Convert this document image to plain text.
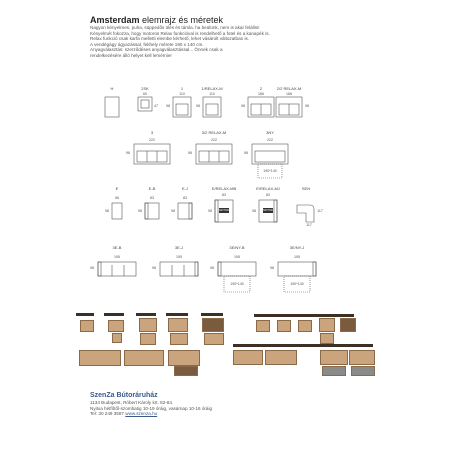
Amsterdam elemrajz és méretek
Nagyon kényelmes, puha, süppedős ülés és támla, ha beülünk, nem is akar felállni!
Kényelmét fokozza, hogy motoros Relax funkcióval is rendelhető a fotel és a kanapék is.
Relax funkció csak karfa melletti elembe kérhető, lehet vásárolt változatban is.
A vendégágy ágyazással, fekhely mérete 190 x 140 cm.
Anyagválasztás: szerződéses anyagválasztással... Önnek csak a
rendelkezésére álló helyet kell lemérnie!
H	2SK	1	1/RELAX-M	2	2/2 RELAX-M
60	110	110	166	166
47 98	98	98	98
3	3/2 RELAX-M	3NY
222	222	222
98	98	98
190*140
E	E-B	E-J	E/RELAX-MB	E/RELAX-MJ	SEN
56	83	83
83	83
98	98	98	98	98	117
117
MOTOR	MOTOR
3E-B	3E-J	3E/NY-B	3E/NY-J
195	195	195	195
98	98	98	98
190*140	190*140
SzenZa Bútoráruház
1134 Budapest, Róbert Károly krt. 82-84.
Nyitva hétfőtől-szombatig 10-19 óráig, vasárnap 10-16 óráig
Tel: 30 249 3587 www.szenza.hu
